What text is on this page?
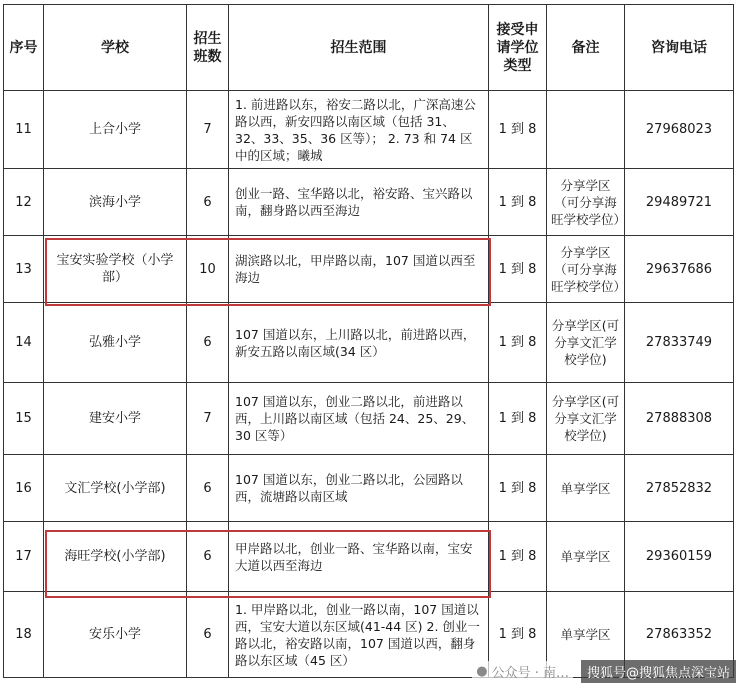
序号	学校	招生班数	招生范围	接受申请学位类型	备注	咨询电话
11	上合小学	7	1. 前进路以东，裕安二路以北，广深高速公路以西，新安四路以南区域（包括 31、32、33、35、36 区等）； 2. 73 和 74 区中的区域；曦城	1 到 8		27968023
12	滨海小学	6	创业一路、宝华路以北，裕安路、宝兴路以南，翻身路以西至海边	1 到 8	分享学区（可分享海旺学校学位）	29489721
13	宝安实验学校（小学部）	10	湖滨路以北，甲岸路以南，107 国道以西至海边	1 到 8	分享学区（可分享海旺学校学位）	29637686
14	弘雅小学	6	107 国道以东，上川路以北，前进路以西，新安五路以南区域(34 区）	1 到 8	分享学区(可分享文汇学校学位)	27833749
15	建安小学	7	107 国道以东，创业二路以北，前进路以西，上川路以南区域（包括 24、25、29、30 区等）	1 到 8	分享学区(可分享文汇学校学位)	27888308
16	文汇学校(小学部)	6	107 国道以东，创业二路以北，公园路以西，流塘路以南区域	1 到 8	单享学区	27852832
17	海旺学校(小学部)	6	甲岸路以北，创业一路、宝华路以南，宝安大道以西至海边	1 到 8	单享学区	29360159
18	安乐小学	6	1. 甲岸路以北，创业一路以南，107 国道以西，宝安大道以东区域(41-44 区) 2. 创业一路以北，裕安路以南，107 国道以西，翻身路以东区域（45 区）	1 到 8	单享学区	27863352
● 公众号 · 南…	搜狐号@搜狐焦点深宝站
